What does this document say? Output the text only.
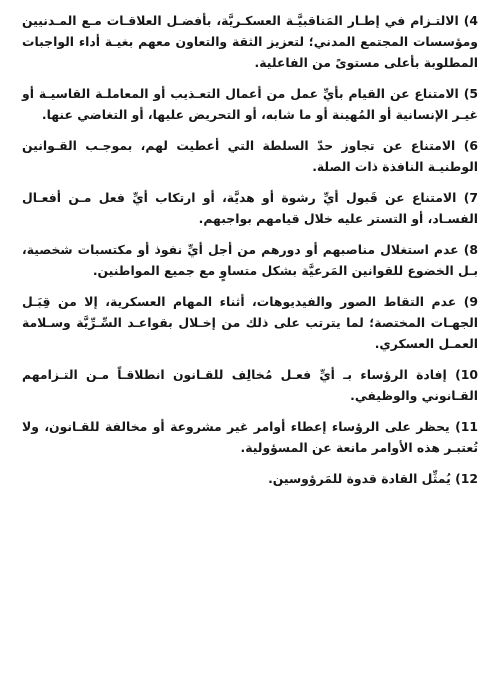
4) الالتـزام في إطـار المَناقبيَّـة العسكـريَّة، بأفضـل العلاقـات مـع المـدنيين ومؤسسات المجتمع المدني؛ لتعزيز الثقة والتعاون معهم بغيـة أداء الواجبات المطلوبة بأعلى مستوىً من الفاعلية.

5) الامتناع عن القيام بأيِّ عمل من أعمال التعـذيب أو المعاملـة القاسيـة أو غيـر الإنسانية أو المُهينة أو ما شابه، أو التحريض عليها، أو التغاضي عنها.

6) الامتناع عن تجاوز حدّ السلطة التي أعطيت لهم، بموجـب القـوانين الوطنيـة النافذة ذات الصلة.

7) الامتناع عن قَبول أيِّ رشوة أو هديَّة، أو ارتكاب أيِّ فعل مـن أفعـال الفسـاد، أو التستر عليه خلال قيامهم بواجبهم.

8) عدم استغلال مناصبهم أو دورهم من أجل أيِّ نفوذ أو مكتسبات شخصية، بـل الخضوع للقوانين المَرعيَّة بشكل متساوٍ مع جميع المواطنين.

9) عدم التقاط الصور والفيديوهات، أثناء المهام العسكرية، إلا من قِبَـل الجهـات المختصة؛ لما يترتب على ذلك من إخـلال بقواعـد السِّـرِّيَّة وسـلامة العمـل العسكري.

10) إفادة الرؤساء بـ أيِّ فعـل مُخالِف للقـانون انطلاقـاً مـن التـزامهم القـانوني والوظيفي.

11) يحظر على الرؤساء إعطاء أوامر غير مشروعة أو مخالفة للقـانون، ولا تُعتبـر هذه الأوامر مانعة عن المسؤولية.

12) يُمثِّل القادة قدوة للمَرؤوسين.
